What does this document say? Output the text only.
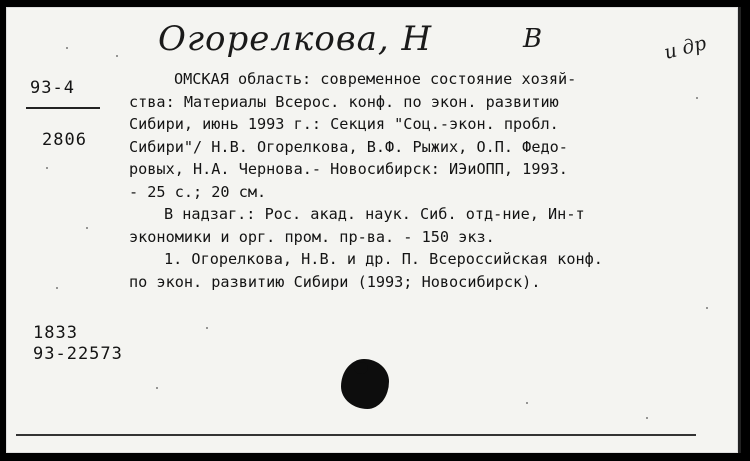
Огорелкова, Н	В	и др
93-4
2806
ОМСКАЯ область: современное состояние хозяй-
ства: Материалы Всерос. конф. по экон. развитию
Сибири, июнь 1993 г.: Секция "Соц.-экон. пробл.
Сибири"/ Н.В. Огорелкова, В.Ф. Рыжих, О.П. Федо-
ровых, Н.А. Чернова.- Новосибирск: ИЭиОПП, 1993.
- 25 с.; 20 см.
В надзаг.: Рос. акад. наук. Сиб. отд-ние, Ин-т
экономики и орг. пром. пр-ва. - 150 экз.
1. Огорелкова, Н.В. и др. П. Всероссийская конф.
по экон. развитию Сибири (1993; Новосибирск).
1833
93-22573
